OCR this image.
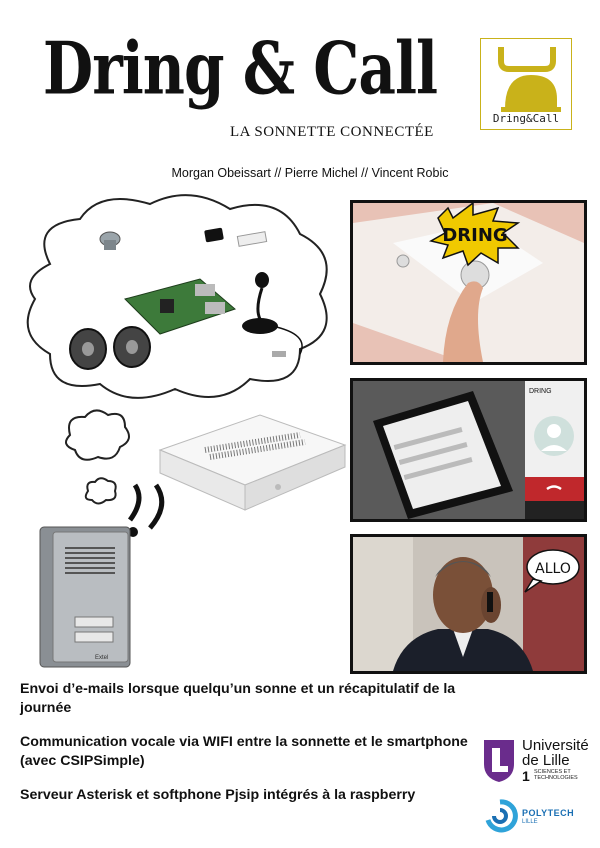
Dring & Call
LA SONNETTE CONNECTÉE
Dring&Call
Morgan Obeissart // Pierre Michel // Vincent Robic
Extel
DRING
DRING
ALLO
Envoi d’e-mails lorsque quelqu’un sonne et un récapitulatif de la journée
Communication vocale via WIFI entre la sonnette et le smartphone (avec CSIPSimple)
Serveur Asterisk et softphone Pjsip intégrés à la raspberry
Université de Lille
1 SCIENCES ET TECHNOLOGIES
POLYTECH
LILLE
